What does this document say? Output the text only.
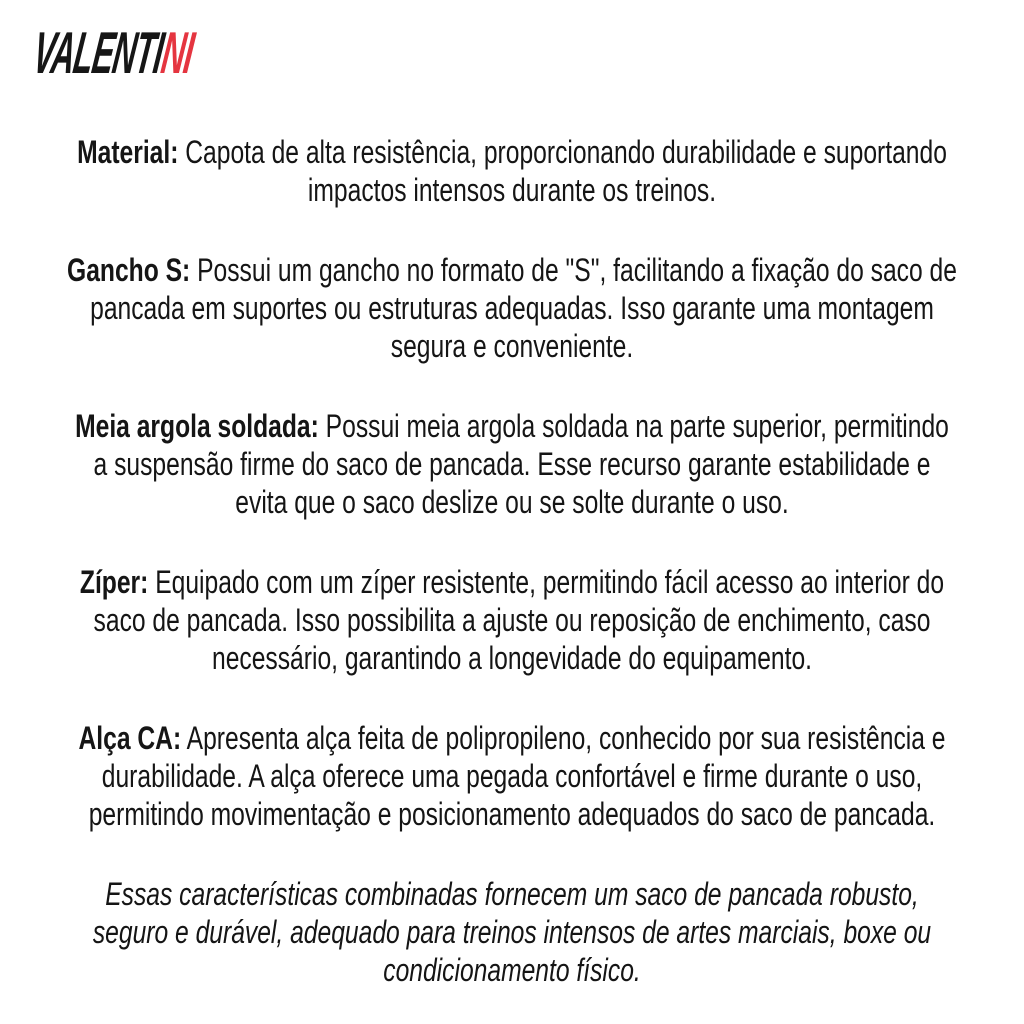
VALENTINI

Material: Capota de alta resistência, proporcionando durabilidade e suportando
impactos intensos durante os treinos.

Gancho S: Possui um gancho no formato de "S", facilitando a fixação do saco de
pancada em suportes ou estruturas adequadas. Isso garante uma montagem
segura e conveniente.

Meia argola soldada: Possui meia argola soldada na parte superior, permitindo
a suspensão firme do saco de pancada. Esse recurso garante estabilidade e
evita que o saco deslize ou se solte durante o uso.

Zíper: Equipado com um zíper resistente, permitindo fácil acesso ao interior do
saco de pancada. Isso possibilita a ajuste ou reposição de enchimento, caso
necessário, garantindo a longevidade do equipamento.

Alça CA: Apresenta alça feita de polipropileno, conhecido por sua resistência e
durabilidade. A alça oferece uma pegada confortável e firme durante o uso,
permitindo movimentação e posicionamento adequados do saco de pancada.

Essas características combinadas fornecem um saco de pancada robusto,
seguro e durável, adequado para treinos intensos de artes marciais, boxe ou
condicionamento físico.
